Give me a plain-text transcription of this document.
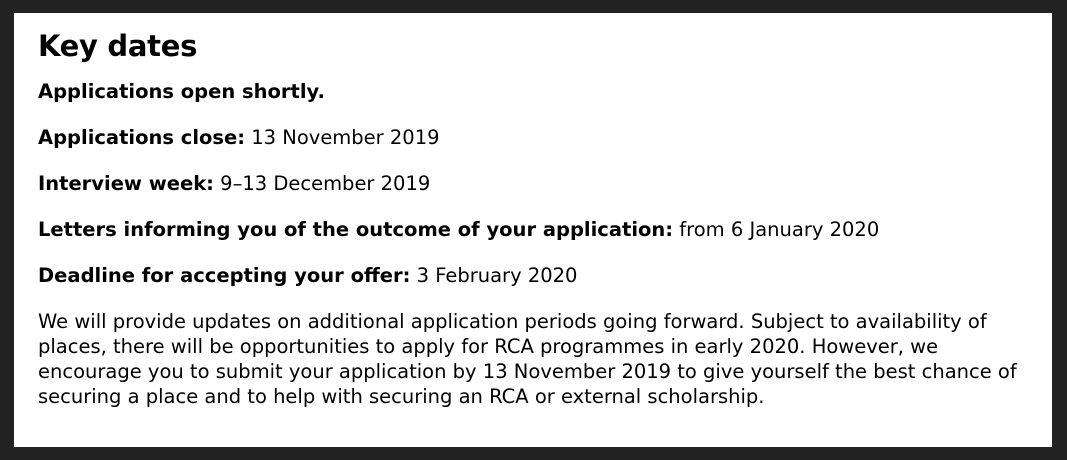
Key dates

Applications open shortly.

Applications close: 13 November 2019

Interview week: 9–13 December 2019

Letters informing you of the outcome of your application: from 6 January 2020

Deadline for accepting your offer: 3 February 2020

We will provide updates on additional application periods going forward. Subject to availability of places, there will be opportunities to apply for RCA programmes in early 2020. However, we encourage you to submit your application by 13 November 2019 to give yourself the best chance of securing a place and to help with securing an RCA or external scholarship.
